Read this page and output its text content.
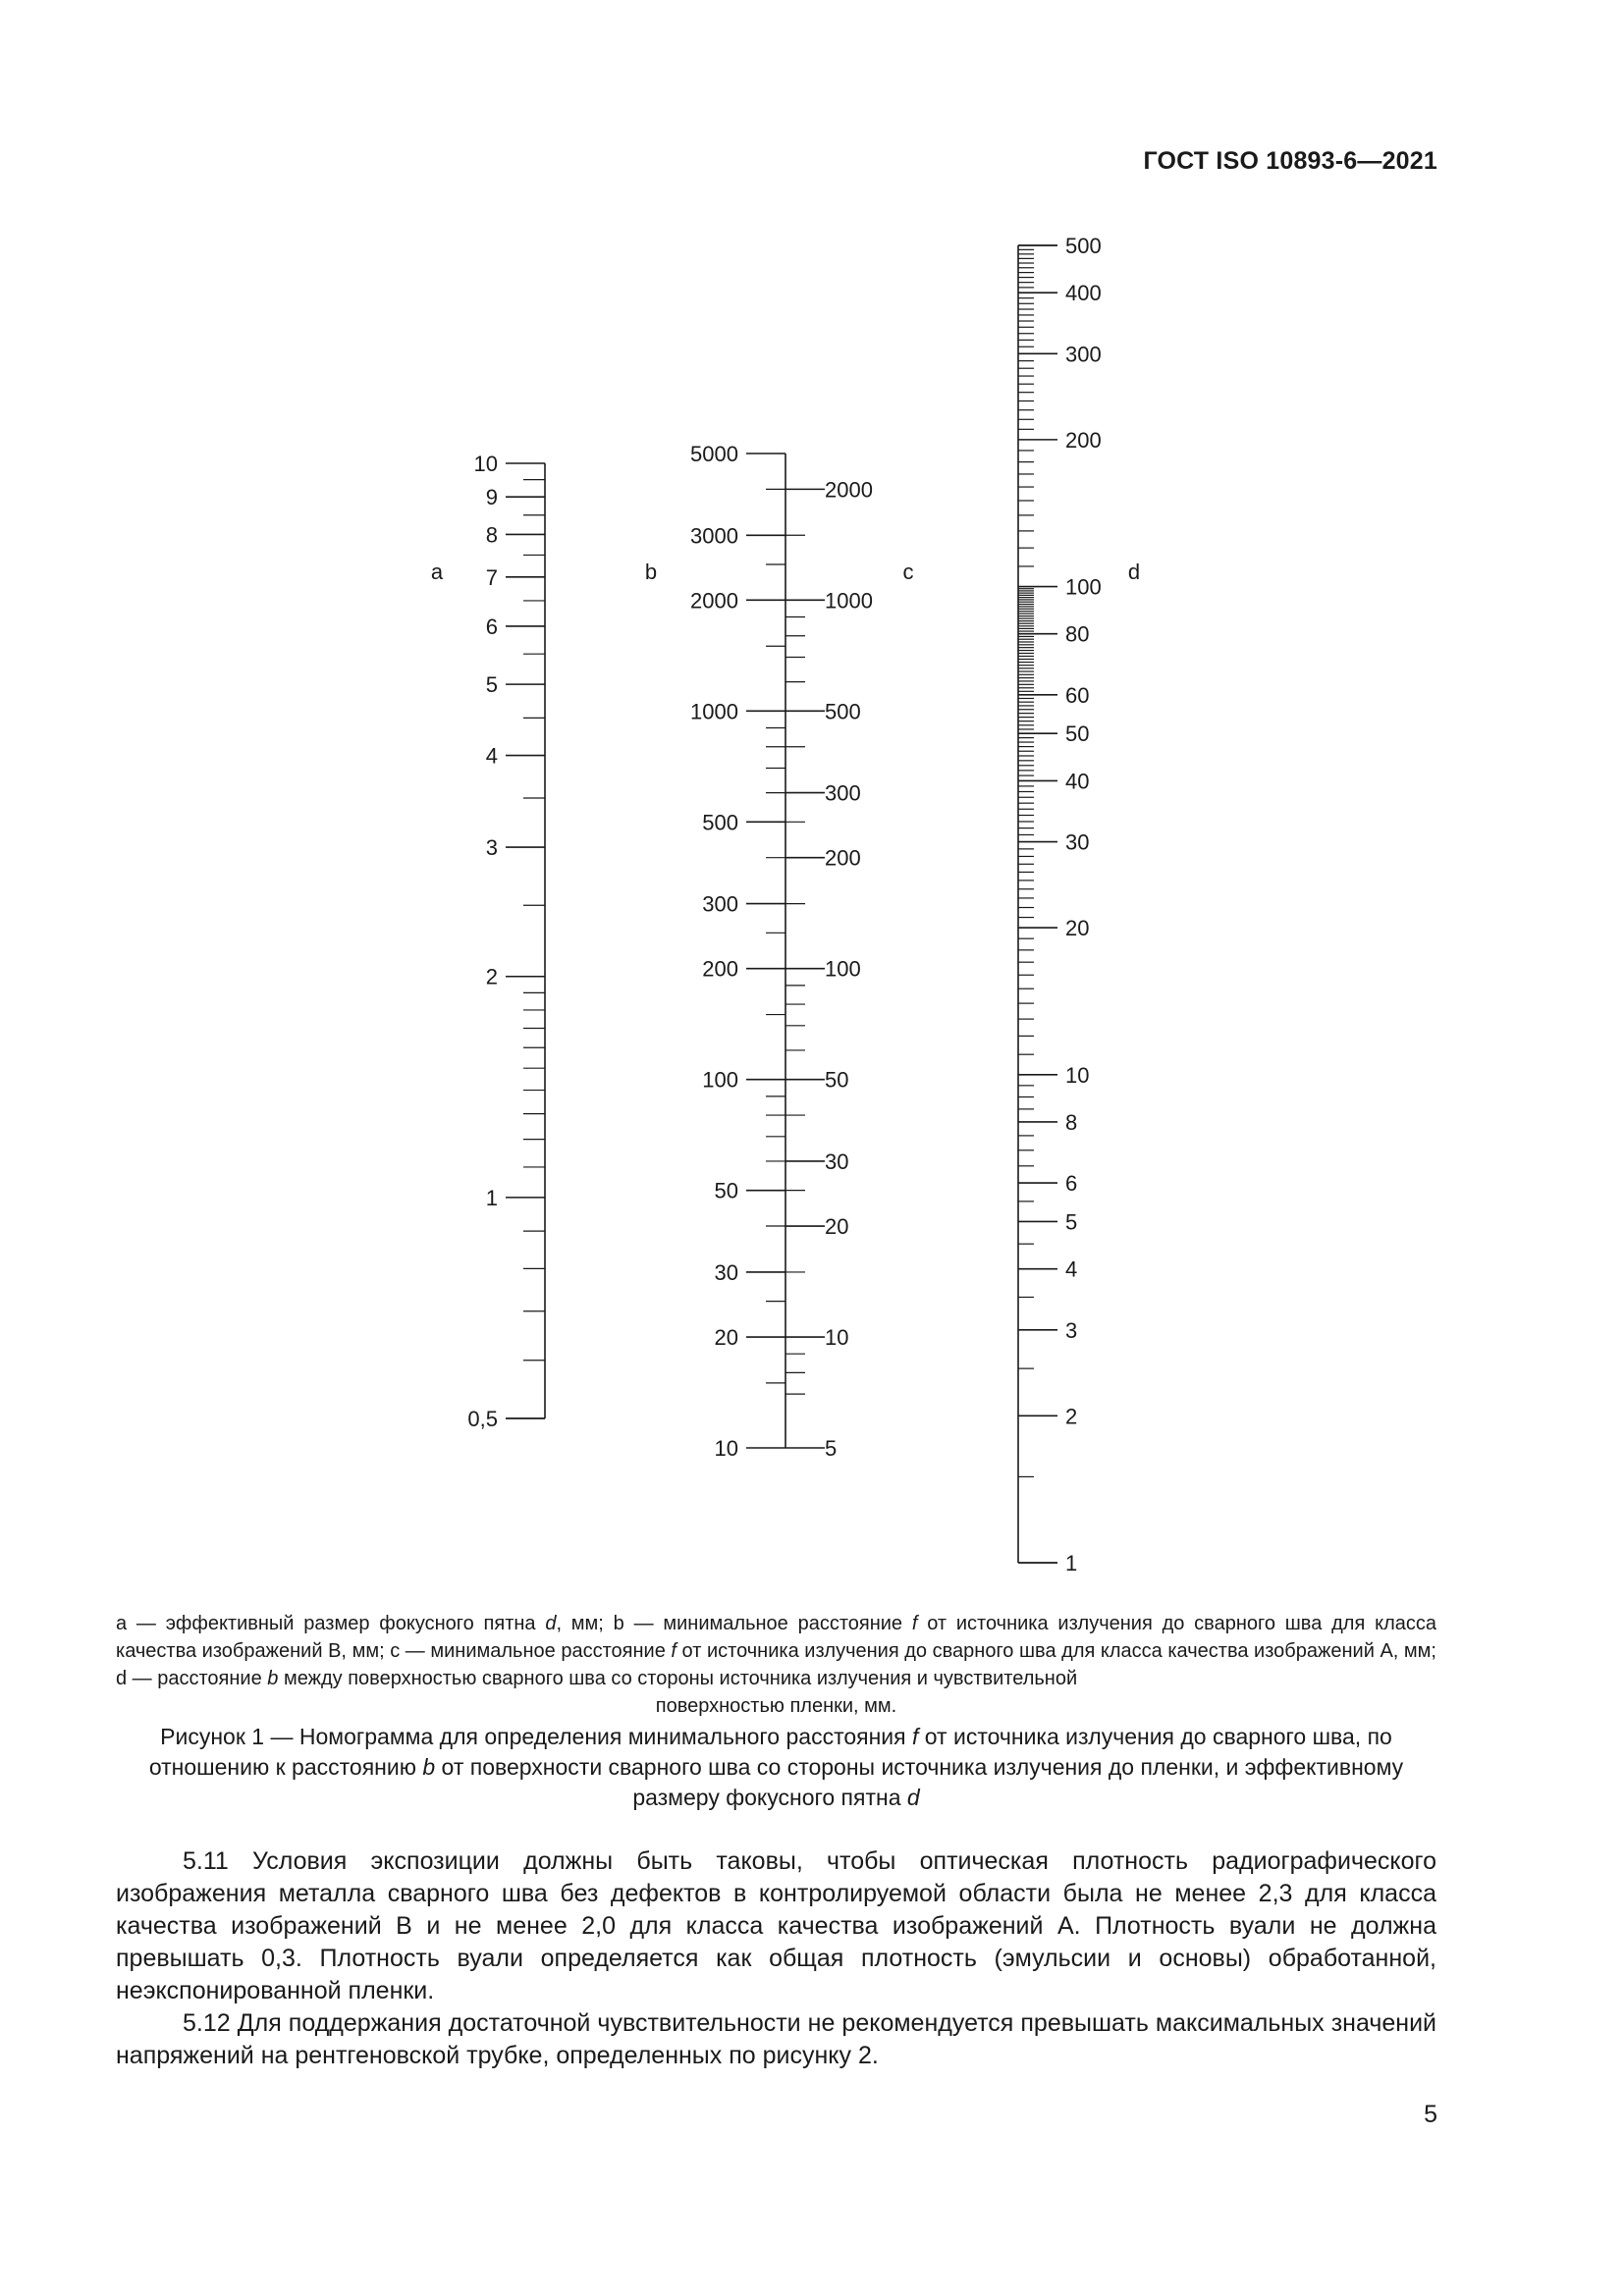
ГОСТ ISO 10893-6—2021
10
9
8
7
6
5
4
3
2
1
0,5
5000
3000
2000
1000
500
300
200
100
50
30
20
10
2000
1000
500
300
200
100
50
30
20
10
5
500
400
300
200
100
80
60
50
40
30
20
10
8
6
5
4
3
2
1
a	b	c	d
a — эффективный размер фокусного пятна d, мм; b — минимальное расстояние f от источника излучения до сварного шва для класса качества изображений B, мм; c — минимальное расстояние f от источника излучения до сварного шва для класса качества изображений A, мм; d — расстояние b между поверхностью сварного шва со стороны источника излучения и чувствительной
поверхностью пленки, мм.
Рисунок 1 — Номограмма для определения минимального расстояния f от источника излучения до сварного шва, по отношению к расстоянию b от поверхности сварного шва со стороны источника излучения до пленки, и эффективному размеру фокусного пятна d

5.11 Условия экспозиции должны быть таковы, чтобы оптическая плотность радиографического изображения металла сварного шва без дефектов в контролируемой области была не менее 2,3 для класса качества изображений B и не менее 2,0 для класса качества изображений A. Плотность вуали не должна превышать 0,3. Плотность вуали определяется как общая плотность (эмульсии и основы) обработанной, неэкспонированной пленки.

5.12 Для поддержания достаточной чувствительности не рекомендуется превышать максимальных значений напряжений на рентгеновской трубке, определенных по рисунку 2.

5
